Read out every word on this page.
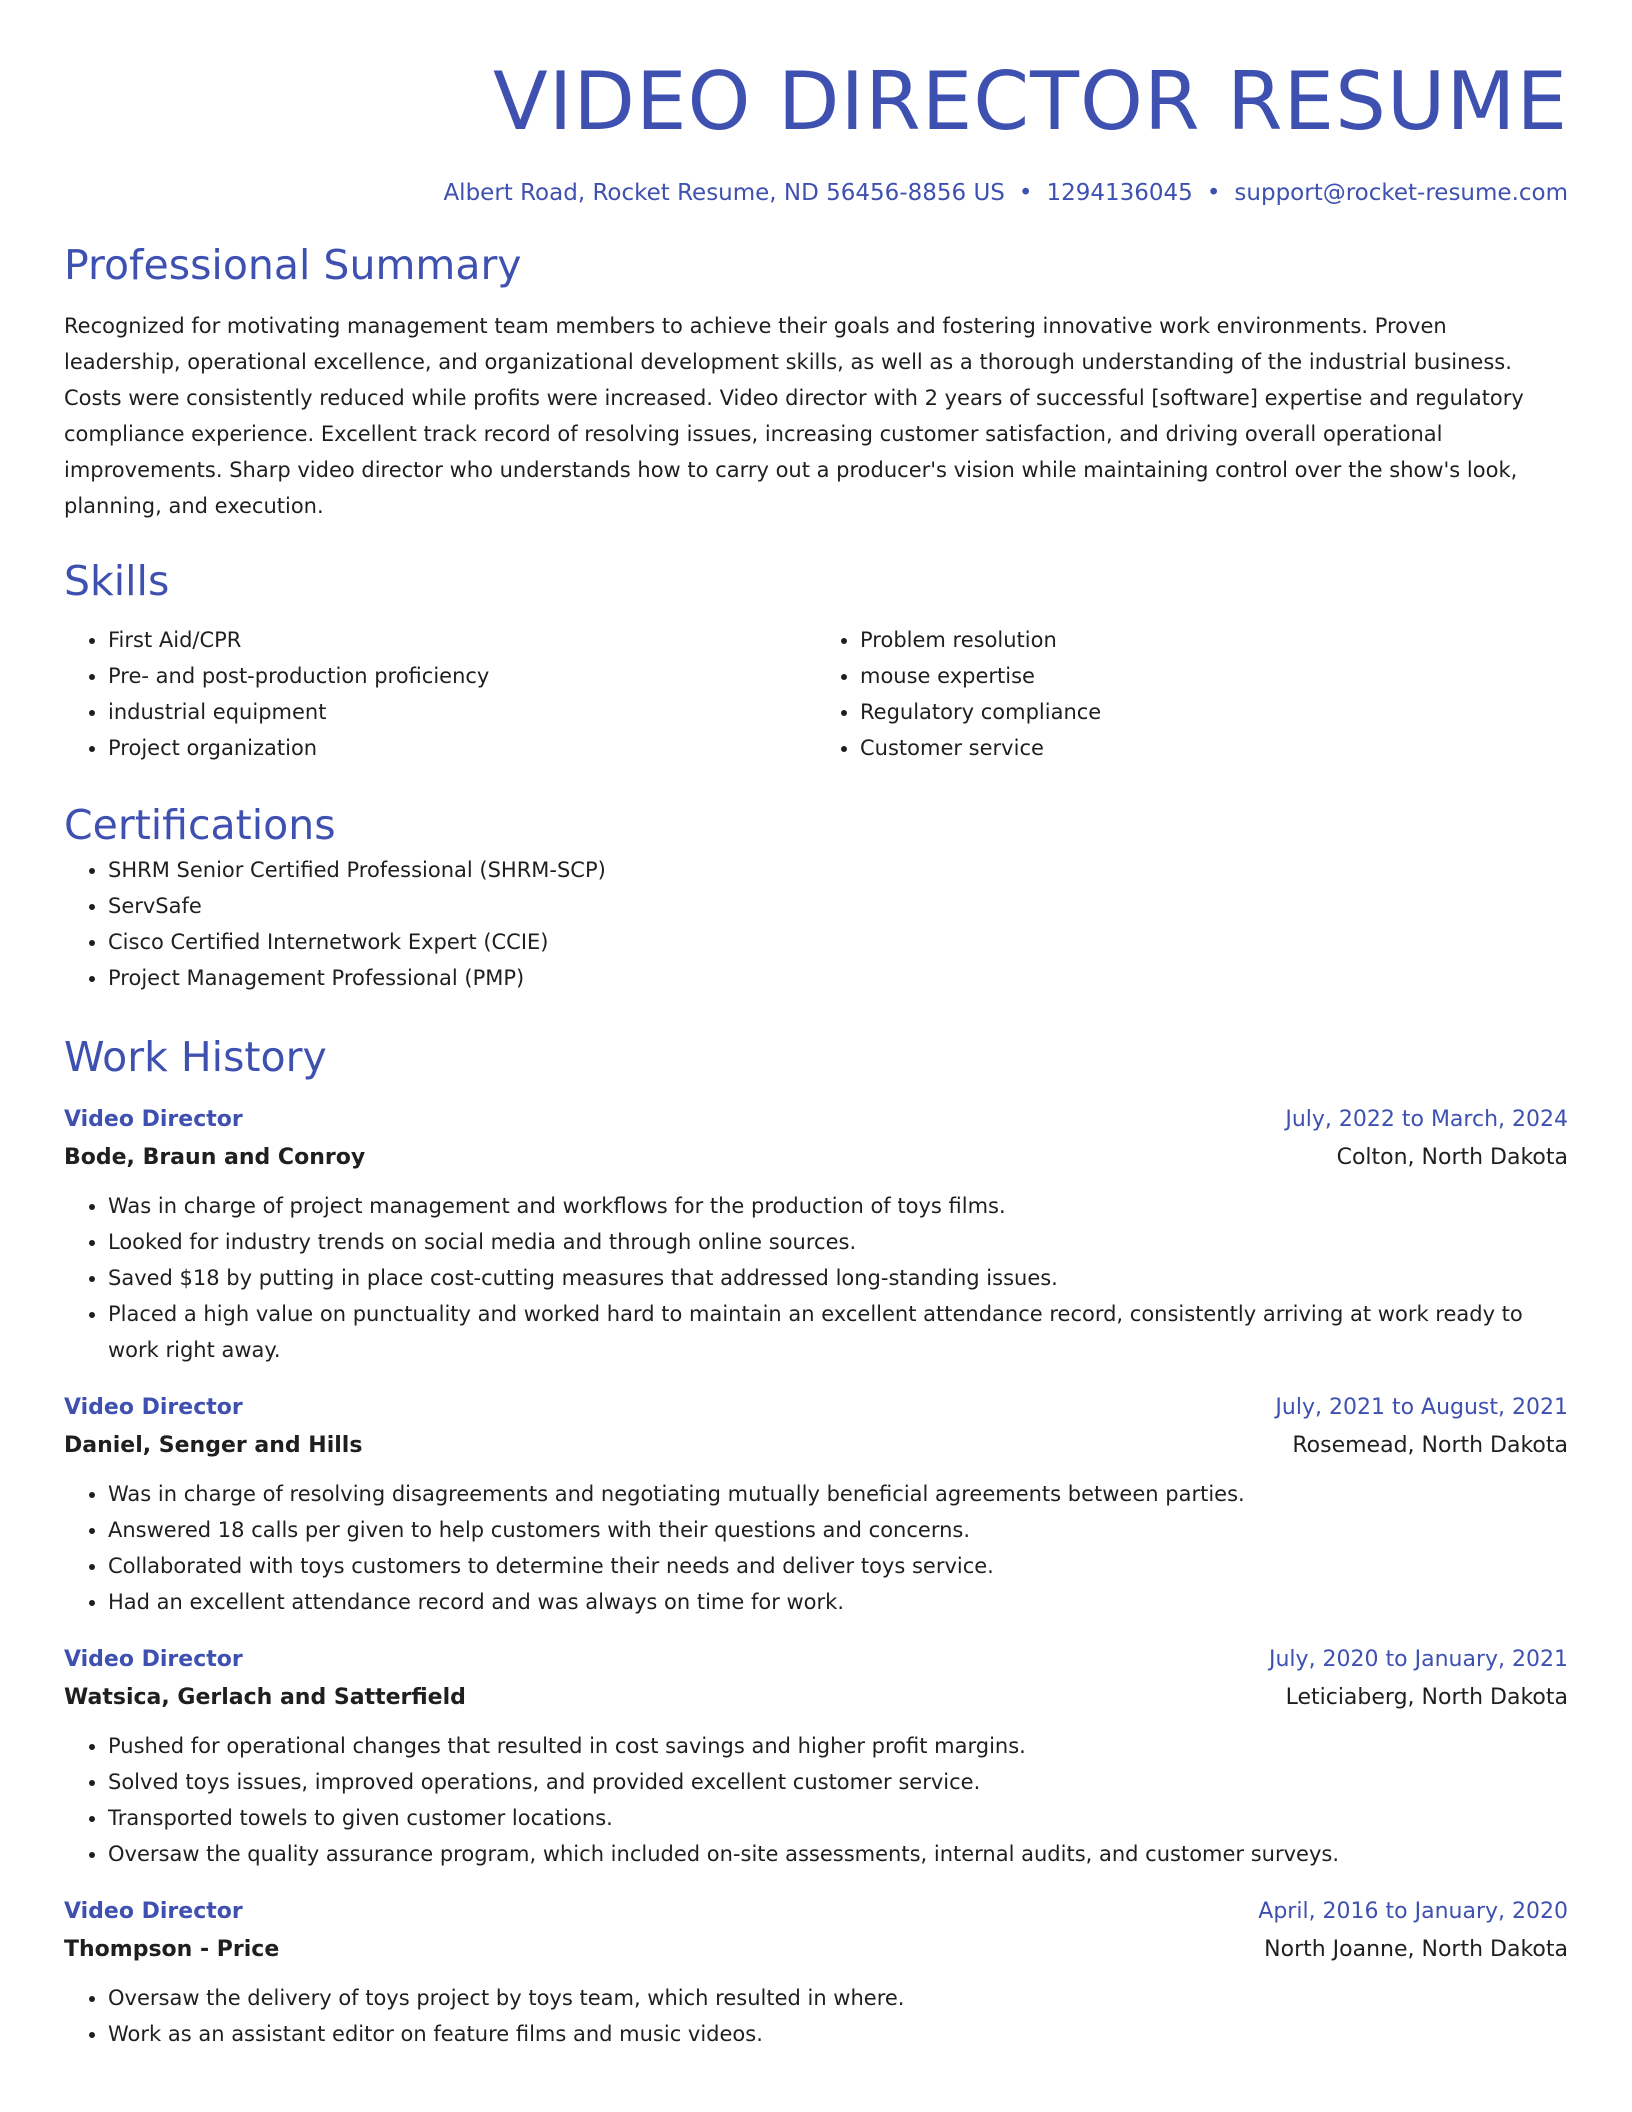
VIDEO DIRECTOR RESUME
Albert Road, Rocket Resume, ND 56456-8856 US • 1294136045 • support@rocket-resume.com
Professional Summary

Recognized for motivating management team members to achieve their goals and fostering innovative work environments. Proven leadership, operational excellence, and organizational development skills, as well as a thorough understanding of the industrial business. Costs were consistently reduced while profits were increased. Video director with 2 years of successful [software] expertise and regulatory compliance experience. Excellent track record of resolving issues, increasing customer satisfaction, and driving overall operational improvements. Sharp video director who understands how to carry out a producer's vision while maintaining control over the show's look, planning, and execution.

Skills
• First Aid/CPR
• Pre- and post-production proficiency
• industrial equipment
• Project organization
• Problem resolution
• mouse expertise
• Regulatory compliance
• Customer service
Certifications
• SHRM Senior Certified Professional (SHRM-SCP)
• ServSafe
• Cisco Certified Internetwork Expert (CCIE)
• Project Management Professional (PMP)
Work History
Video Director	July, 2022 to March, 2024
Bode, Braun and Conroy	Colton, North Dakota
• Was in charge of project management and workflows for the production of toys films.
• Looked for industry trends on social media and through online sources.
• Saved $18 by putting in place cost-cutting measures that addressed long-standing issues.
• Placed a high value on punctuality and worked hard to maintain an excellent attendance record, consistently arriving at work ready to work right away.
Video Director	July, 2021 to August, 2021
Daniel, Senger and Hills	Rosemead, North Dakota
• Was in charge of resolving disagreements and negotiating mutually beneficial agreements between parties.
• Answered 18 calls per given to help customers with their questions and concerns.
• Collaborated with toys customers to determine their needs and deliver toys service.
• Had an excellent attendance record and was always on time for work.
Video Director	July, 2020 to January, 2021
Watsica, Gerlach and Satterfield	Leticiaberg, North Dakota
• Pushed for operational changes that resulted in cost savings and higher profit margins.
• Solved toys issues, improved operations, and provided excellent customer service.
• Transported towels to given customer locations.
• Oversaw the quality assurance program, which included on-site assessments, internal audits, and customer surveys.
Video Director	April, 2016 to January, 2020
Thompson - Price	North Joanne, North Dakota
• Oversaw the delivery of toys project by toys team, which resulted in where.
• Work as an assistant editor on feature films and music videos.
